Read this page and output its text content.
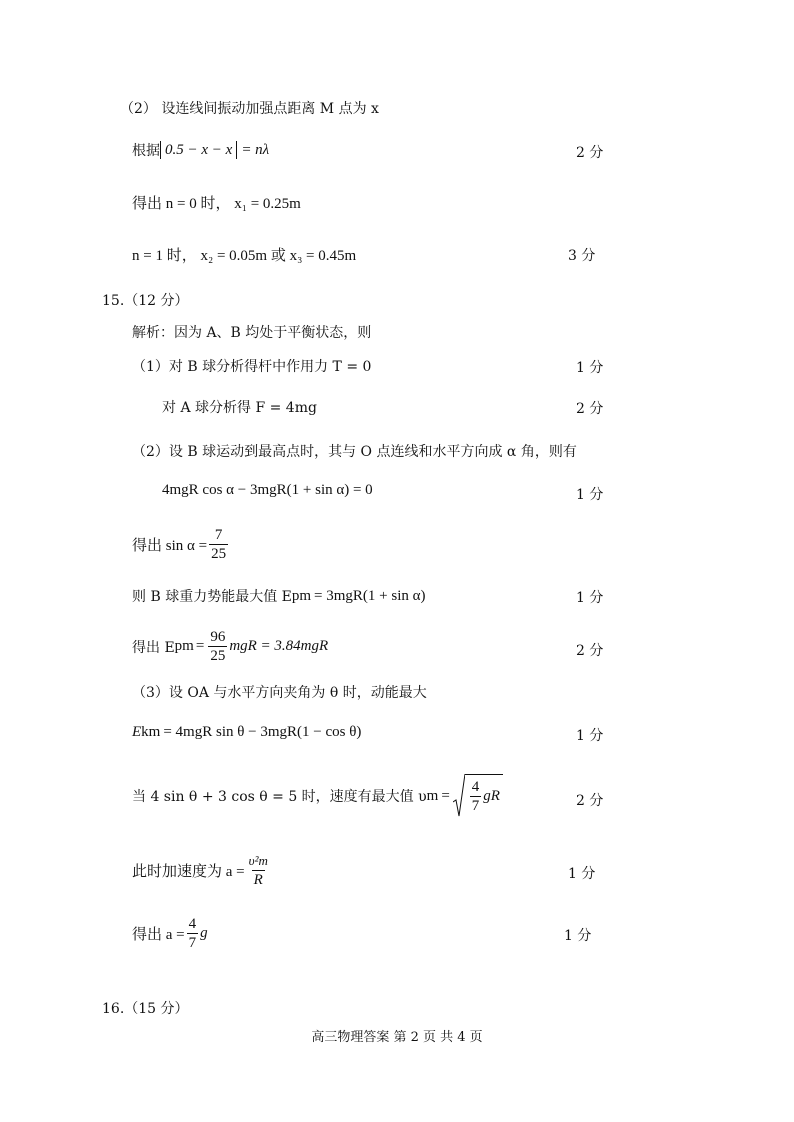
（2） 设连线间振动加强点距离 M 点为 x
根据 0.5 − x − x = nλ	2 分
得出 n = 0 时， x₁ = 0.25m
n = 1 时， x₂ = 0.05m 或 x₃ = 0.45m	3 分
15.（12 分）
解析：因为 A、B 均处于平衡状态，则
（1）对 B 球分析得杆中作用力 T = 0	1 分
对 A 球分析得 F = 4mg	2 分
（2）设 B 球运动到最高点时，其与 O 点连线和水平方向成 α 角，则有
4mgR cos α − 3mgR(1 + sin α) = 0	1 分
得出 $\sin \alpha = \frac{7}{25}$
则 B 球重力势能最大值 E pm = 3mgR(1 + sin α)	1 分
得出 E pm = $\frac{96}{25}$ mgR = 3.84mgR	2 分
（3）设 OA 与水平方向夹角为 θ 时，动能最大
E km = 4mgR sin θ − 3mgR(1 − cos θ)	1 分
当 4 sin θ + 3 cos θ = 5 时，速度有最大值 υ $m = \frac{4}{7}$ gR	2 分
此时加速度为 $a = \frac{\text{υ²m}}{R}$	1 分
得出 $a = \frac{4}{7}$ g	1 分
16.（15 分）
高三物理答案 第 2 页 共 4 页
